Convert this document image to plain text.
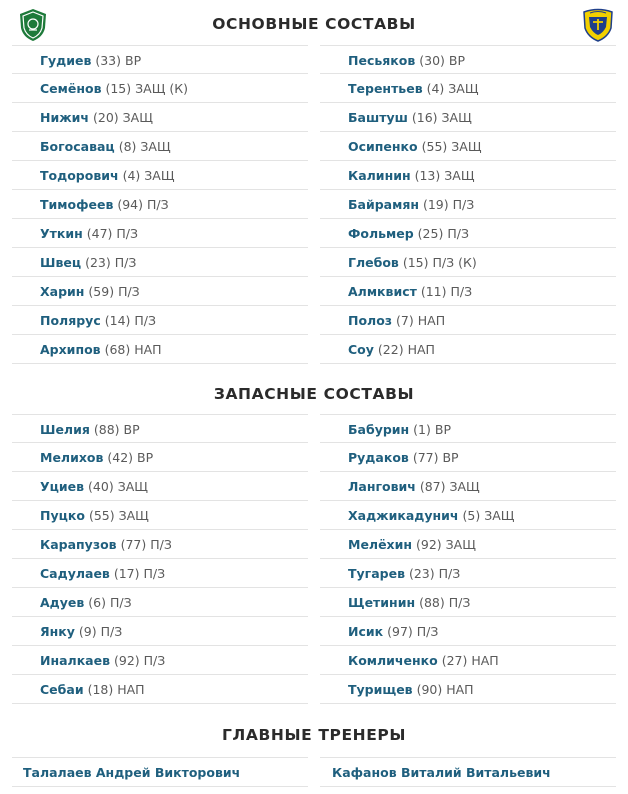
ОСНОВНЫЕ СОСТАВЫ
ЗАПАСНЫЕ СОСТАВЫ
ГЛАВНЫЕ ТРЕНЕРЫ
Гудиев (33) ВР
Семёнов (15) ЗАЩ (К)
Нижич (20) ЗАЩ
Богосавац (8) ЗАЩ
Тодорович (4) ЗАЩ
Тимофеев (94) П/З
Уткин (47) П/З
Швец (23) П/З
Харин (59) П/З
Полярус (14) П/З
Архипов (68) НАП
Песьяков (30) ВР
Терентьев (4) ЗАЩ
Баштуш (16) ЗАЩ
Осипенко (55) ЗАЩ
Калинин (13) ЗАЩ
Байрамян (19) П/З
Фольмер (25) П/З
Глебов (15) П/З (К)
Алмквист (11) П/З
Полоз (7) НАП
Соу (22) НАП
Шелия (88) ВР
Мелихов (42) ВР
Уциев (40) ЗАЩ
Пуцко (55) ЗАЩ
Карапузов (77) П/З
Садулаев (17) П/З
Адуев (6) П/З
Янку (9) П/З
Иналкаев (92) П/З
Себаи (18) НАП
Бабурин (1) ВР
Рудаков (77) ВР
Лангович (87) ЗАЩ
Хаджикадунич (5) ЗАЩ
Мелёхин (92) ЗАЩ
Тугарев (23) П/З
Щетинин (88) П/З
Исик (97) П/З
Комличенко (27) НАП
Турищев (90) НАП
Талалаев Андрей Викторович	Кафанов Виталий Витальевич
